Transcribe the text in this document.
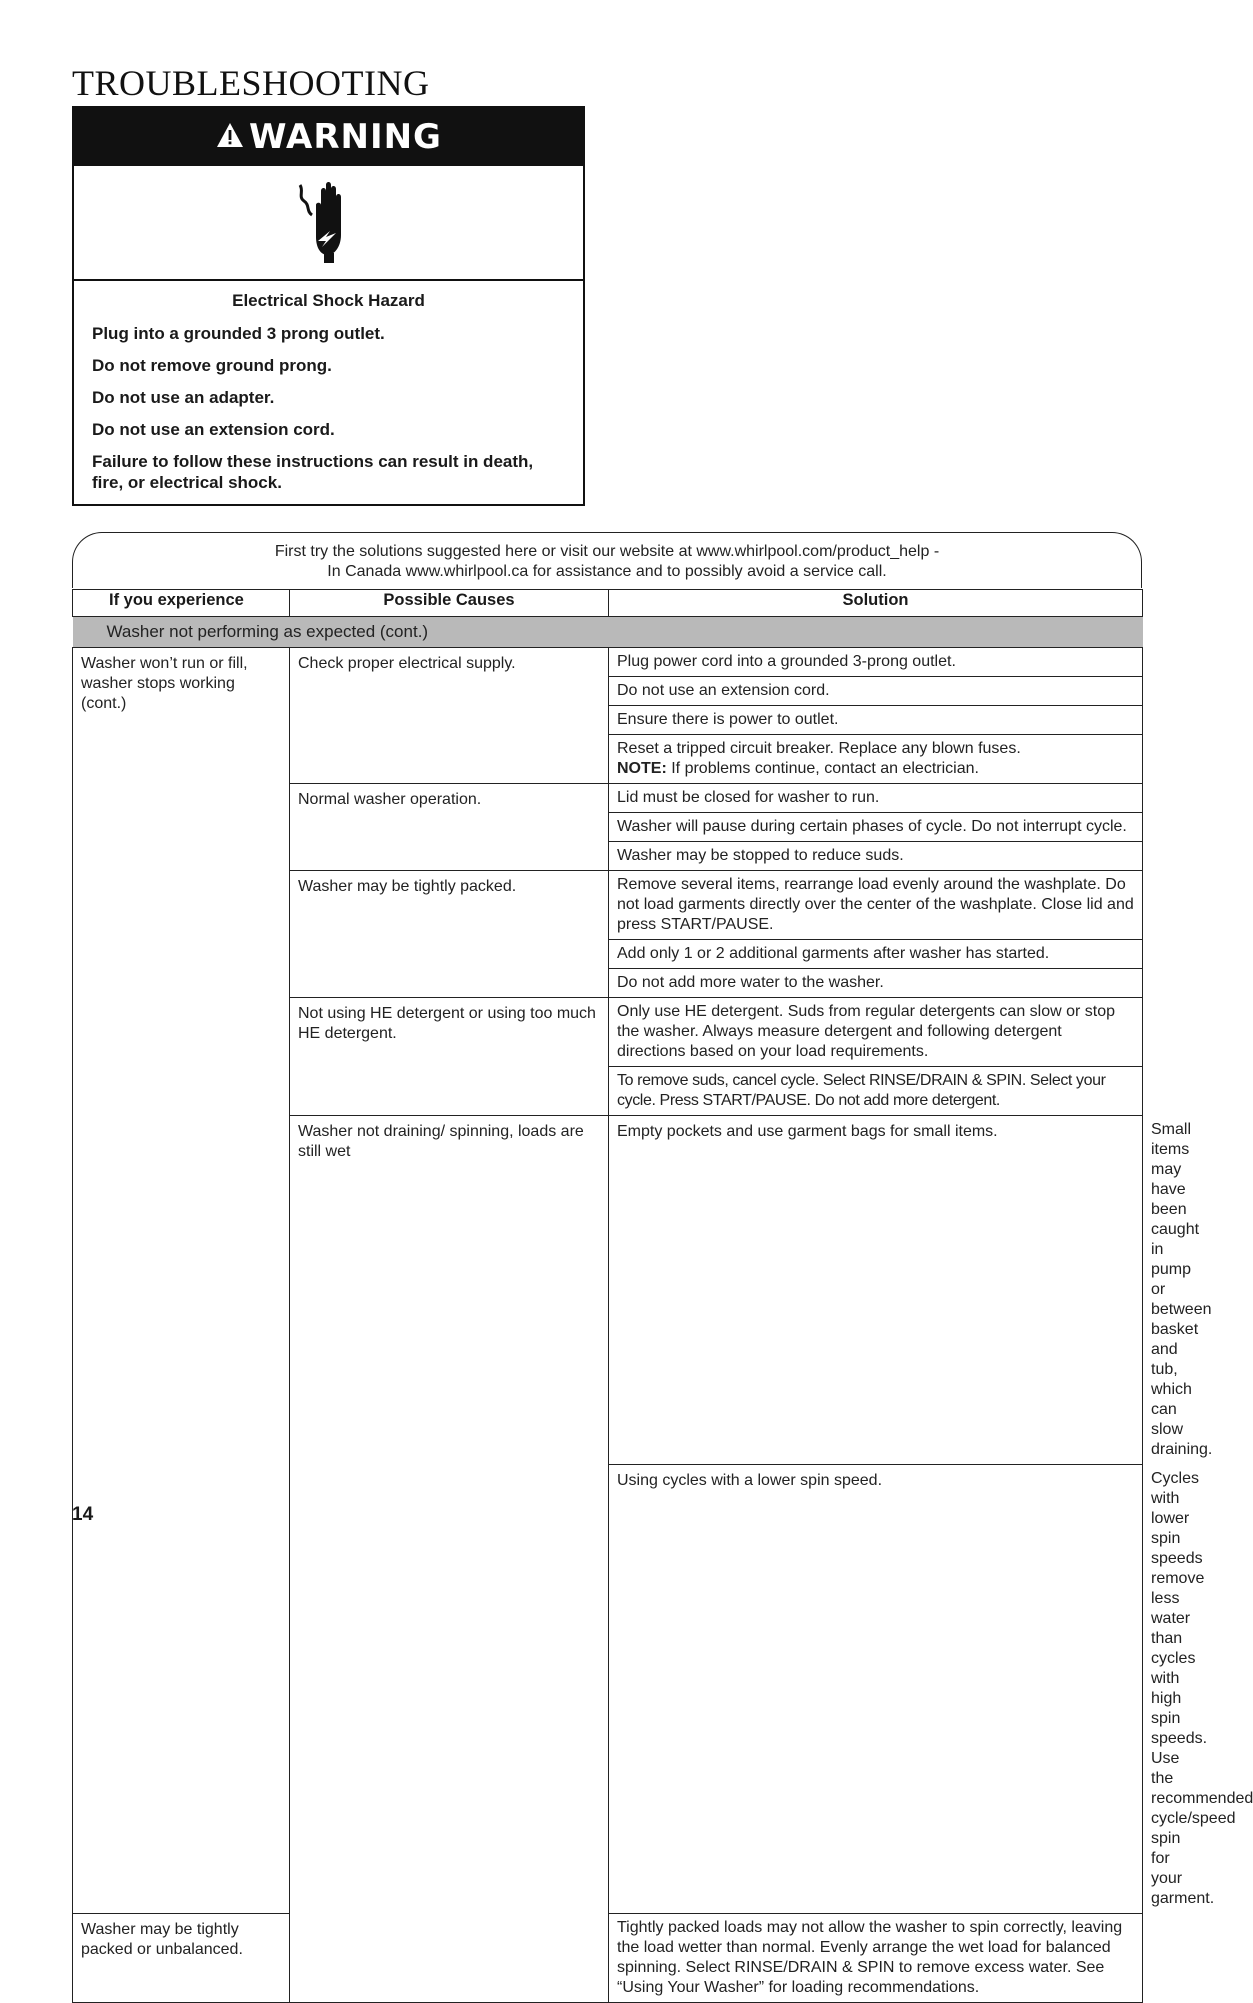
TROUBLESHOOTING
WARNING
Electrical Shock Hazard
Plug into a grounded 3 prong outlet.
Do not remove ground prong.
Do not use an adapter.
Do not use an extension cord.
Failure to follow these instructions can result in death, fire, or electrical shock.
First try the solutions suggested here or visit our website at www.whirlpool.com/product_help -
In Canada www.whirlpool.ca for assistance and to possibly avoid a service call.
If you experience	Possible Causes	Solution	
Washer not performing as expected (cont.)			
Washer won’t run or fill, washer stops working (cont.)	Check proper electrical supply.	Plug power cord into a grounded 3-prong outlet.	
		Do not use an extension cord.	
		Ensure there is power to outlet.	

		Reset a tripped circuit breaker. Replace any blown fuses.
NOTE: If problems continue, contact an electrician.	

	Normal washer operation.	Lid must be closed for washer to run.	
		Washer will pause during certain phases of cycle. Do not interrupt cycle.	
		Washer may be stopped to reduce suds.	
	Washer may be tightly packed.	Remove several items, rearrange load evenly around the washplate. Do not load garments directly over the center of the washplate. Close lid and press START/PAUSE.	
		Add only 1 or 2 additional garments after washer has started.	
		Do not add more water to the washer.	
	Not using HE detergent or using too much HE detergent.	Only use HE detergent. Suds from regular detergents can slow or stop the washer. Always measure detergent and following detergent directions based on your load requirements.	
		To remove suds, cancel cycle. Select RINSE/DRAIN & SPIN. Select your cycle. Press START/PAUSE. Do not add more detergent.	
	Washer not draining/ spinning, loads are still wet	Empty pockets and use garment bags for small items.	Small items may have been caught in pump or between basket and tub, which can slow draining.
		Using cycles with a lower spin speed.	Cycles with lower spin speeds remove less water than cycles with high spin speeds. Use the recommended cycle/speed spin for your garment.
Washer may be tightly packed or unbalanced.		Tightly packed loads may not allow the washer to spin correctly, leaving the load wetter than normal. Evenly arrange the wet load for balanced spinning. Select RINSE/DRAIN & SPIN to remove excess water. See “Using Your Washer” for loading recommendations.	
14
